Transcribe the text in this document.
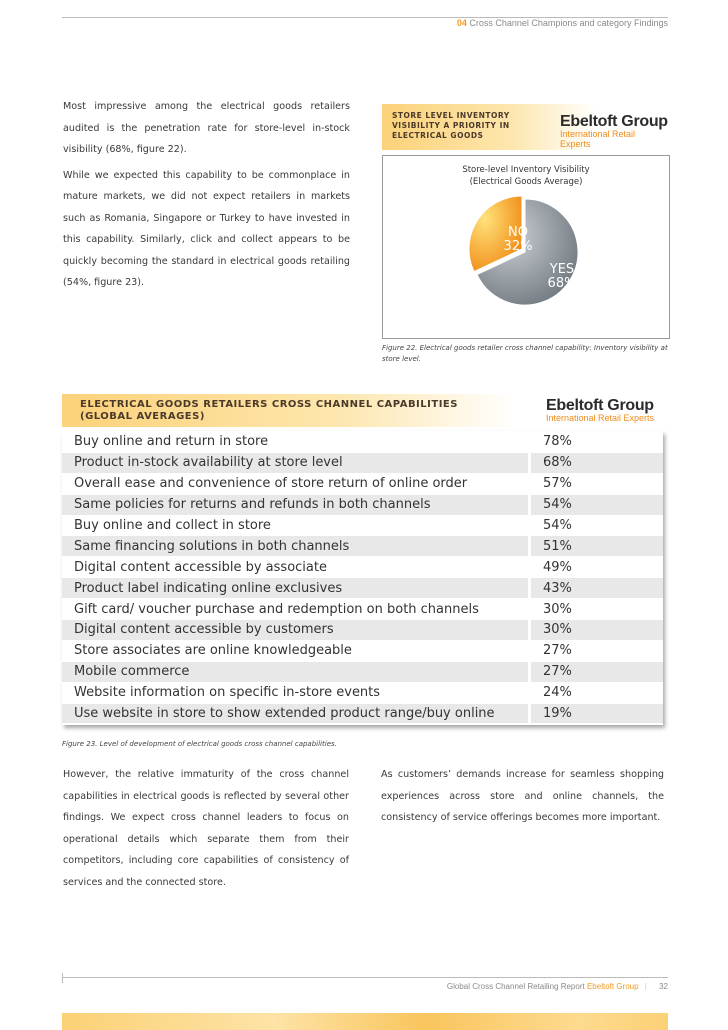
04 Cross Channel Champions and category Findings

Most impressive among the electrical goods retailers audited is the penetration rate for store-level in-stock visibility (68%, figure 22).

While we expected this capability to be commonplace in mature markets, we did not expect retailers in markets such as Romania, Singapore or Turkey to have invested in this capability. Similarly, click and collect appears to be quickly becoming the standard in electrical goods retailing (54%, figure 23).

STORE LEVEL INVENTORY
VISIBILITY A PRIORITY IN
ELECTRICAL GOODS
Ebeltoft Group
International Retail Experts
Store-level Inventory Visibility
(Electrical Goods Average)
NO
32%
YES
68%
Figure 22. Electrical goods retailer cross channel capability: Inventory visibility at store level.
ELECTRICAL GOODS RETAILERS CROSS CHANNEL CAPABILITIES
(GLOBAL AVERAGES)
Ebeltoft Group
International Retail Experts
Buy online and return in store	78%
Product in-stock availability at store level	68%
Overall ease and convenience of store return of online order	57%
Same policies for returns and refunds in both channels	54%
Buy online and collect in store	54%
Same financing solutions in both channels	51%
Digital content accessible by associate	49%
Product label indicating online exclusives	43%
Gift card/ voucher purchase and redemption on both channels	30%
Digital content accessible by customers	30%
Store associates are online knowledgeable	27%
Mobile commerce	27%
Website information on specific in-store events	24%
Use website in store to show extended product range/buy online	19%
Figure 23. Level of development of electrical goods cross channel capabilities.
However, the relative immaturity of the cross channel capabilities in electrical goods is reflected by several other findings. We expect cross channel leaders to focus on operational details which separate them from their competitors, including core capabilities of consistency of services and the connected store.
As customers’ demands increase for seamless shopping experiences across store and online channels, the consistency of service offerings becomes more important.
Global Cross Channel Retailing Report Ebeltoft Group | 32
